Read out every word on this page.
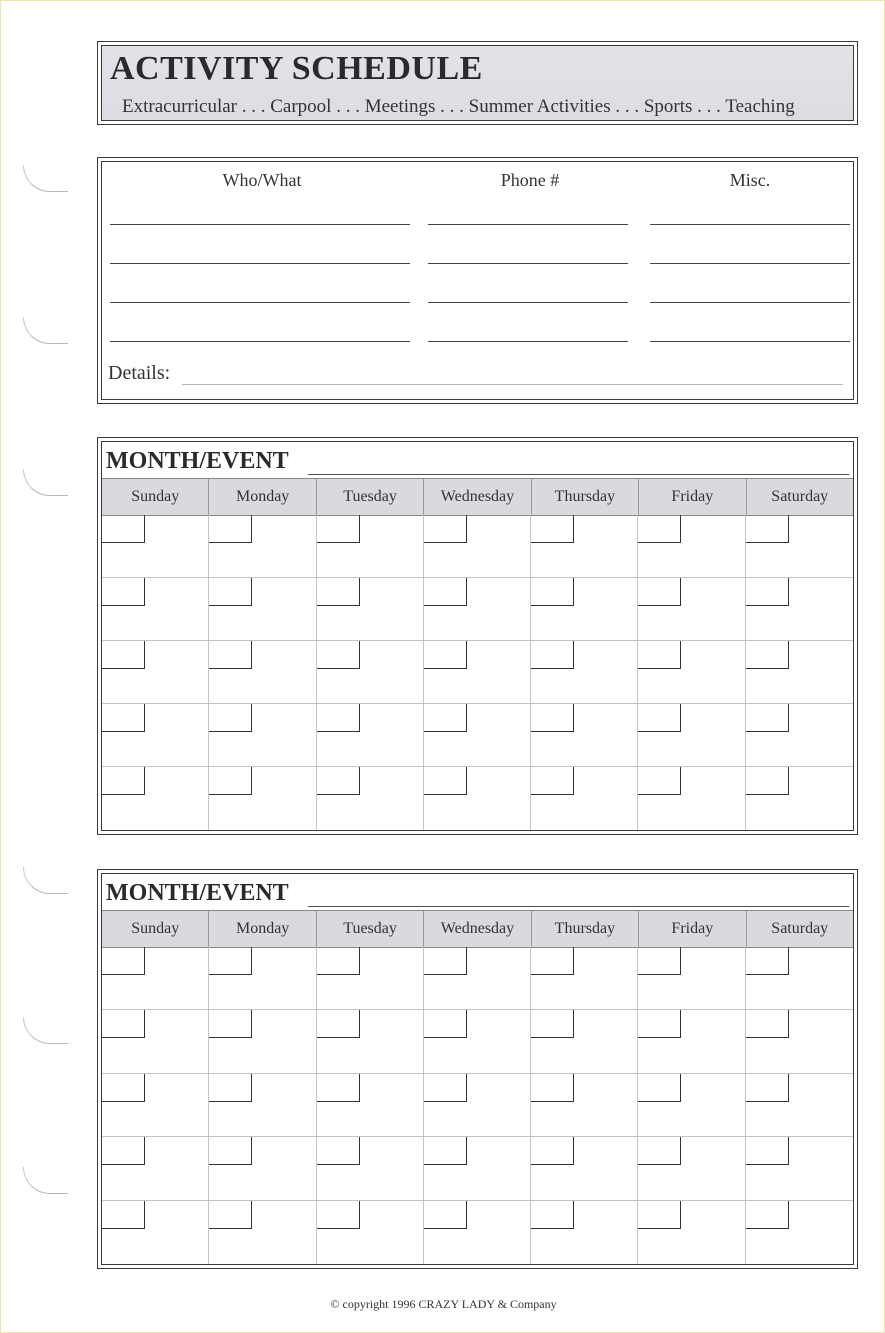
ACTIVITY SCHEDULE
Extracurricular . . . Carpool . . . Meetings . . . Summer Activities . . . Sports . . . Teaching
Who/What	Phone #	Misc.
Details:
MONTH/EVENT
Sunday	Monday	Tuesday	Wednesday	Thursday	Friday	Saturday
MONTH/EVENT
Sunday	Monday	Tuesday	Wednesday	Thursday	Friday	Saturday
© copyright 1996 CRAZY LADY & Company
